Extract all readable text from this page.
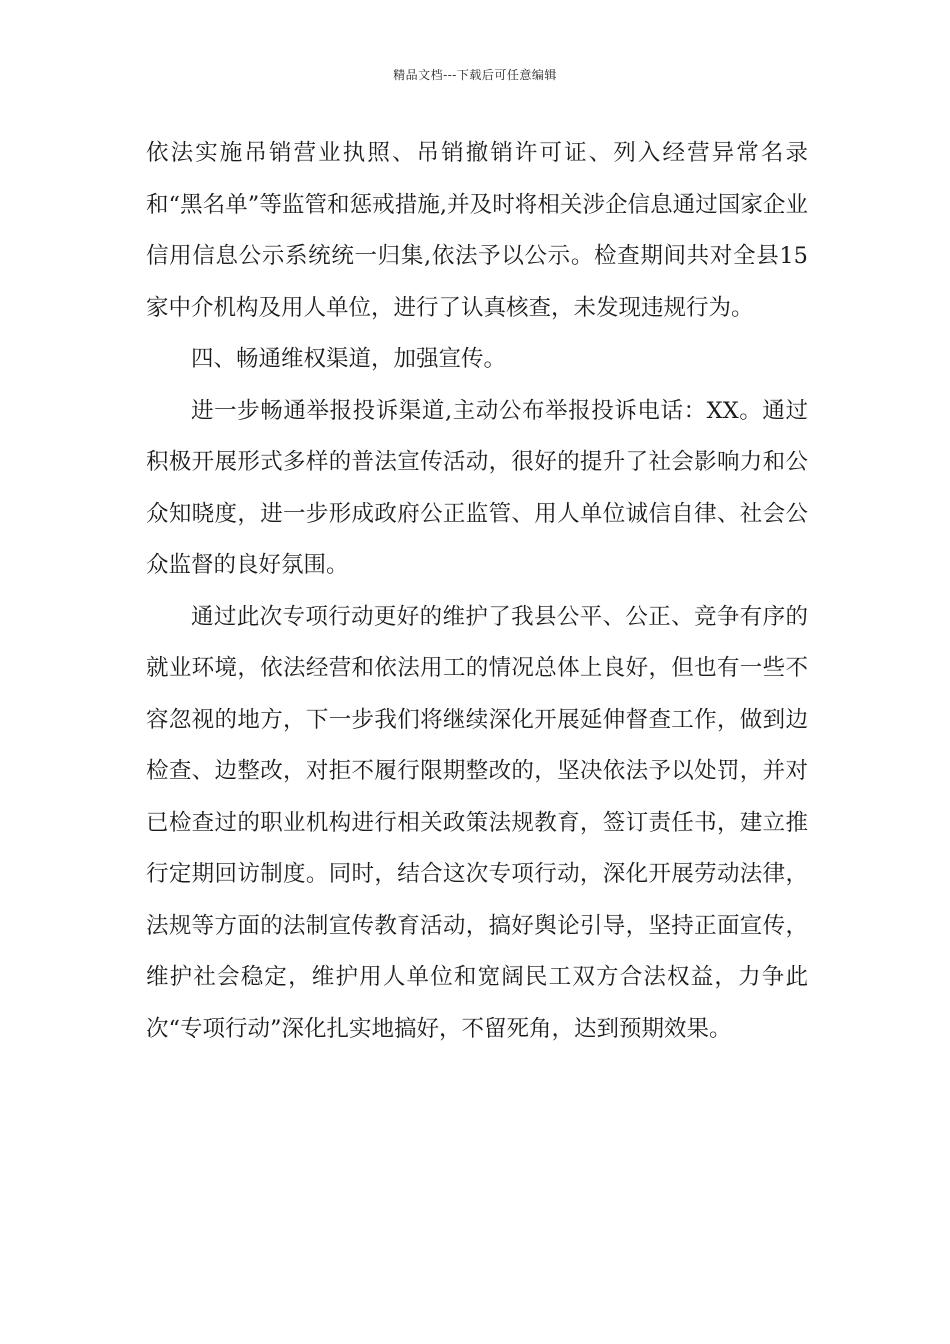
精品文档---下载后可任意编辑

依法实施吊销营业执照、吊销撤销许可证、列入经营异常名录和“黑名单”等监管和惩戒措施,并及时将相关涉企信息通过国家企业信用信息公示系统统一归集,依法予以公示。检查期间共对全县15家中介机构及用人单位，进行了认真核查，未发现违规行为。

四、畅通维权渠道，加强宣传。

进一步畅通举报投诉渠道,主动公布举报投诉电话：XX。通过积极开展形式多样的普法宣传活动，很好的提升了社会影响力和公众知晓度，进一步形成政府公正监管、用人单位诚信自律、社会公众监督的良好氛围。

通过此次专项行动更好的维护了我县公平、公正、竞争有序的就业环境，依法经营和依法用工的情况总体上良好，但也有一些不容忽视的地方，下一步我们将继续深化开展延伸督查工作，做到边检查、边整改，对拒不履行限期整改的，坚决依法予以处罚，并对已检查过的职业机构进行相关政策法规教育，签订责任书，建立推行定期回访制度。同时，结合这次专项行动，深化开展劳动法律，法规等方面的法制宣传教育活动，搞好舆论引导，坚持正面宣传，维护社会稳定，维护用人单位和宽阔民工双方合法权益，力争此次“专项行动”深化扎实地搞好，不留死角，达到预期效果。
